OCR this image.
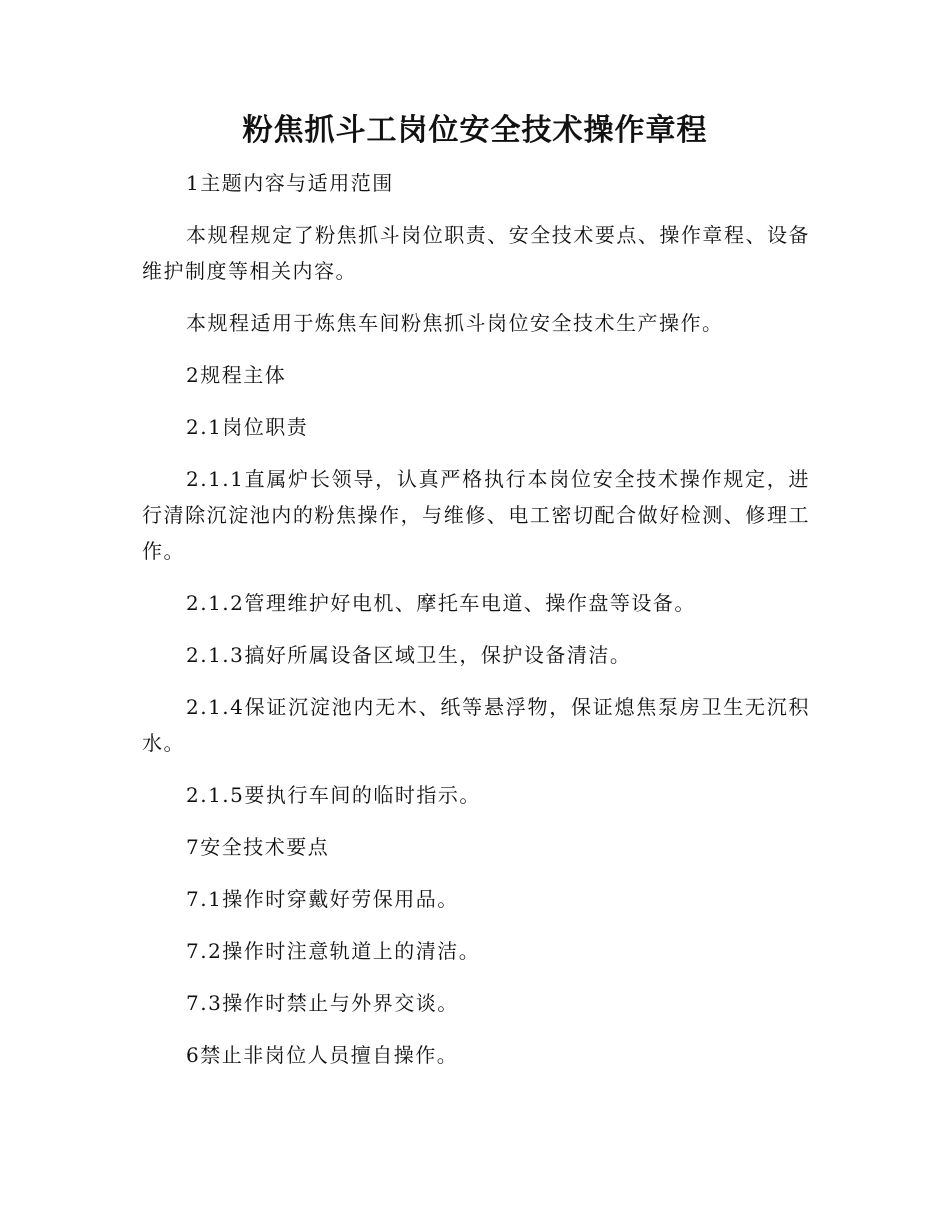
粉焦抓斗工岗位安全技术操作章程

1主题内容与适用范围

本规程规定了粉焦抓斗岗位职责、安全技术要点、操作章程、设备维护制度等相关内容。

本规程适用于炼焦车间粉焦抓斗岗位安全技术生产操作。

2规程主体

2.1岗位职责

2.1.1直属炉长领导，认真严格执行本岗位安全技术操作规定，进行清除沉淀池内的粉焦操作，与维修、电工密切配合做好检测、修理工作。

2.1.2管理维护好电机、摩托车电道、操作盘等设备。

2.1.3搞好所属设备区域卫生，保护设备清洁。

2.1.4保证沉淀池内无木、纸等悬浮物，保证熄焦泵房卫生无沉积水。

2.1.5要执行车间的临时指示。

7安全技术要点

7.1操作时穿戴好劳保用品。

7.2操作时注意轨道上的清洁。

7.3操作时禁止与外界交谈。

6禁止非岗位人员擅自操作。
